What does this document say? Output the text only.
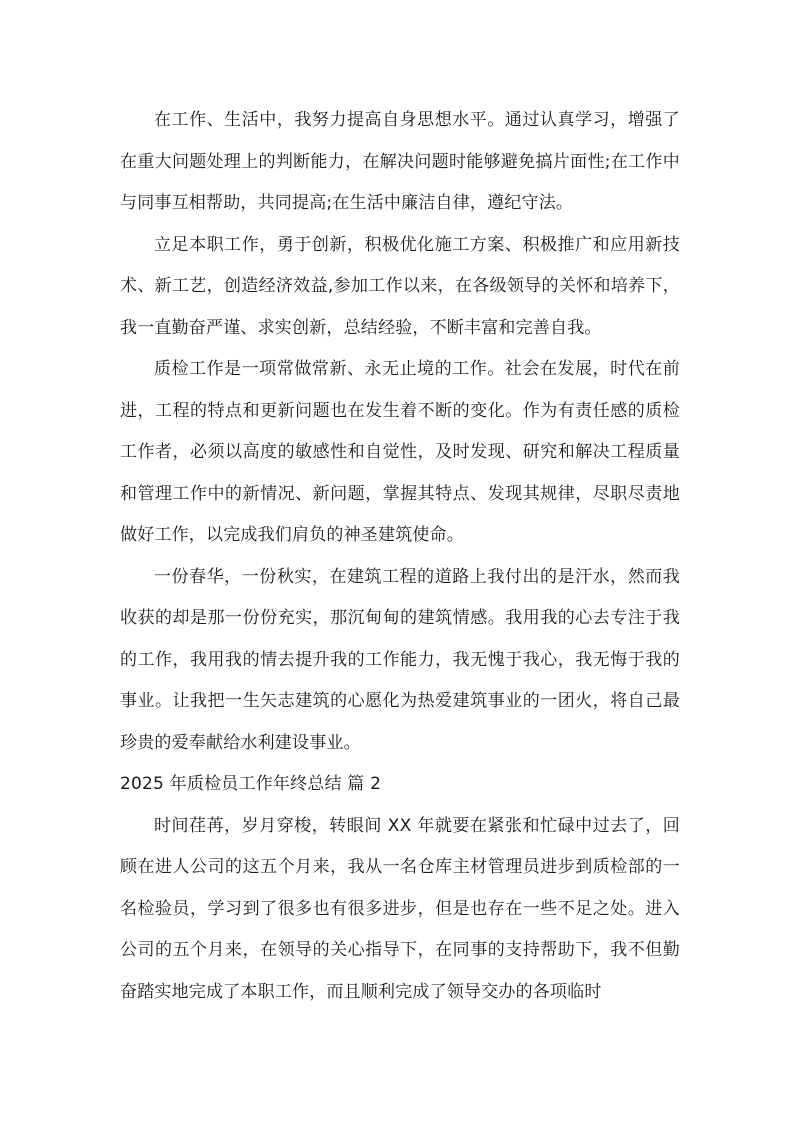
在工作、生活中，我努力提高自身思想水平。通过认真学习，增强了在重大问题处理上的判断能力，在解决问题时能够避免搞片面性;在工作中与同事互相帮助，共同提高;在生活中廉洁自律，遵纪守法。

立足本职工作，勇于创新，积极优化施工方案、积极推广和应用新技术、新工艺，创造经济效益,参加工作以来，在各级领导的关怀和培养下，我一直勤奋严谨、求实创新，总结经验，不断丰富和完善自我。

质检工作是一项常做常新、永无止境的工作。社会在发展，时代在前进，工程的特点和更新问题也在发生着不断的变化。作为有责任感的质检工作者，必须以高度的敏感性和自觉性，及时发现、研究和解决工程质量和管理工作中的新情况、新问题，掌握其特点、发现其规律，尽职尽责地做好工作，以完成我们肩负的神圣建筑使命。

一份春华，一份秋实，在建筑工程的道路上我付出的是汗水，然而我收获的却是那一份份充实，那沉甸甸的建筑情感。我用我的心去专注于我的工作，我用我的情去提升我的工作能力，我无愧于我心，我无悔于我的事业。让我把一生矢志建筑的心愿化为热爱建筑事业的一团火，将自己最珍贵的爱奉献给水利建设事业。

2025 年质检员工作年终总结 篇 2

时间荏苒，岁月穿梭，转眼间 XX 年就要在紧张和忙碌中过去了，回顾在进人公司的这五个月来，我从一名仓库主材管理员进步到质检部的一名检验员，学习到了很多也有很多进步，但是也存在一些不足之处。进入公司的五个月来，在领导的关心指导下，在同事的支持帮助下，我不但勤奋踏实地完成了本职工作，而且顺利完成了领导交办的各项临时
